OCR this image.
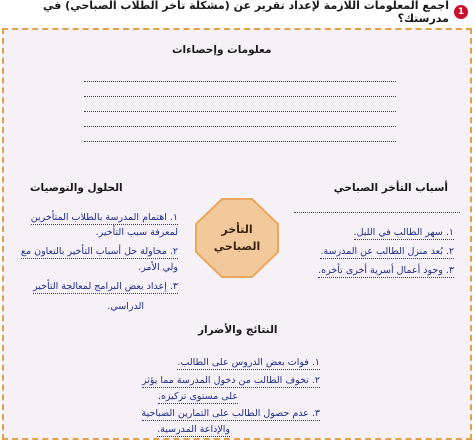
1
اجمع المعلومات اللازمة لإعداد تقرير عن (مشكلة تأخر الطلاب الصباحي) في مدرستك؟
معلومات وإحصاءات
أسباب التأخر الصباحي
١. سهر الطالب في الليل.
٢. بُعد منزل الطالب عن المدرسة.
٣. وجود أعمال أسرية أخرى تأخره.
الحلول والتوصيات
١. اهتمام المدرسة بالطلاب المتأخرين
لمعرفة سبب التأخير.
٢. محاولة حل أسباب التأخير بالتعاون مع
ولي الأمر.
٣. إعداد بعض البرامج لمعالجة التأخير
الدراسي.
التأخر
الصباحي
النتائج والأضرار
١. فوات بعض الدروس على الطالب.
٢. تخوف الطالب من دخول المدرسة مما يؤثر
على مستوى تركيزه.
٣. عدم حصول الطالب على التمارين الصباحية
والإذاعة المدرسية.
